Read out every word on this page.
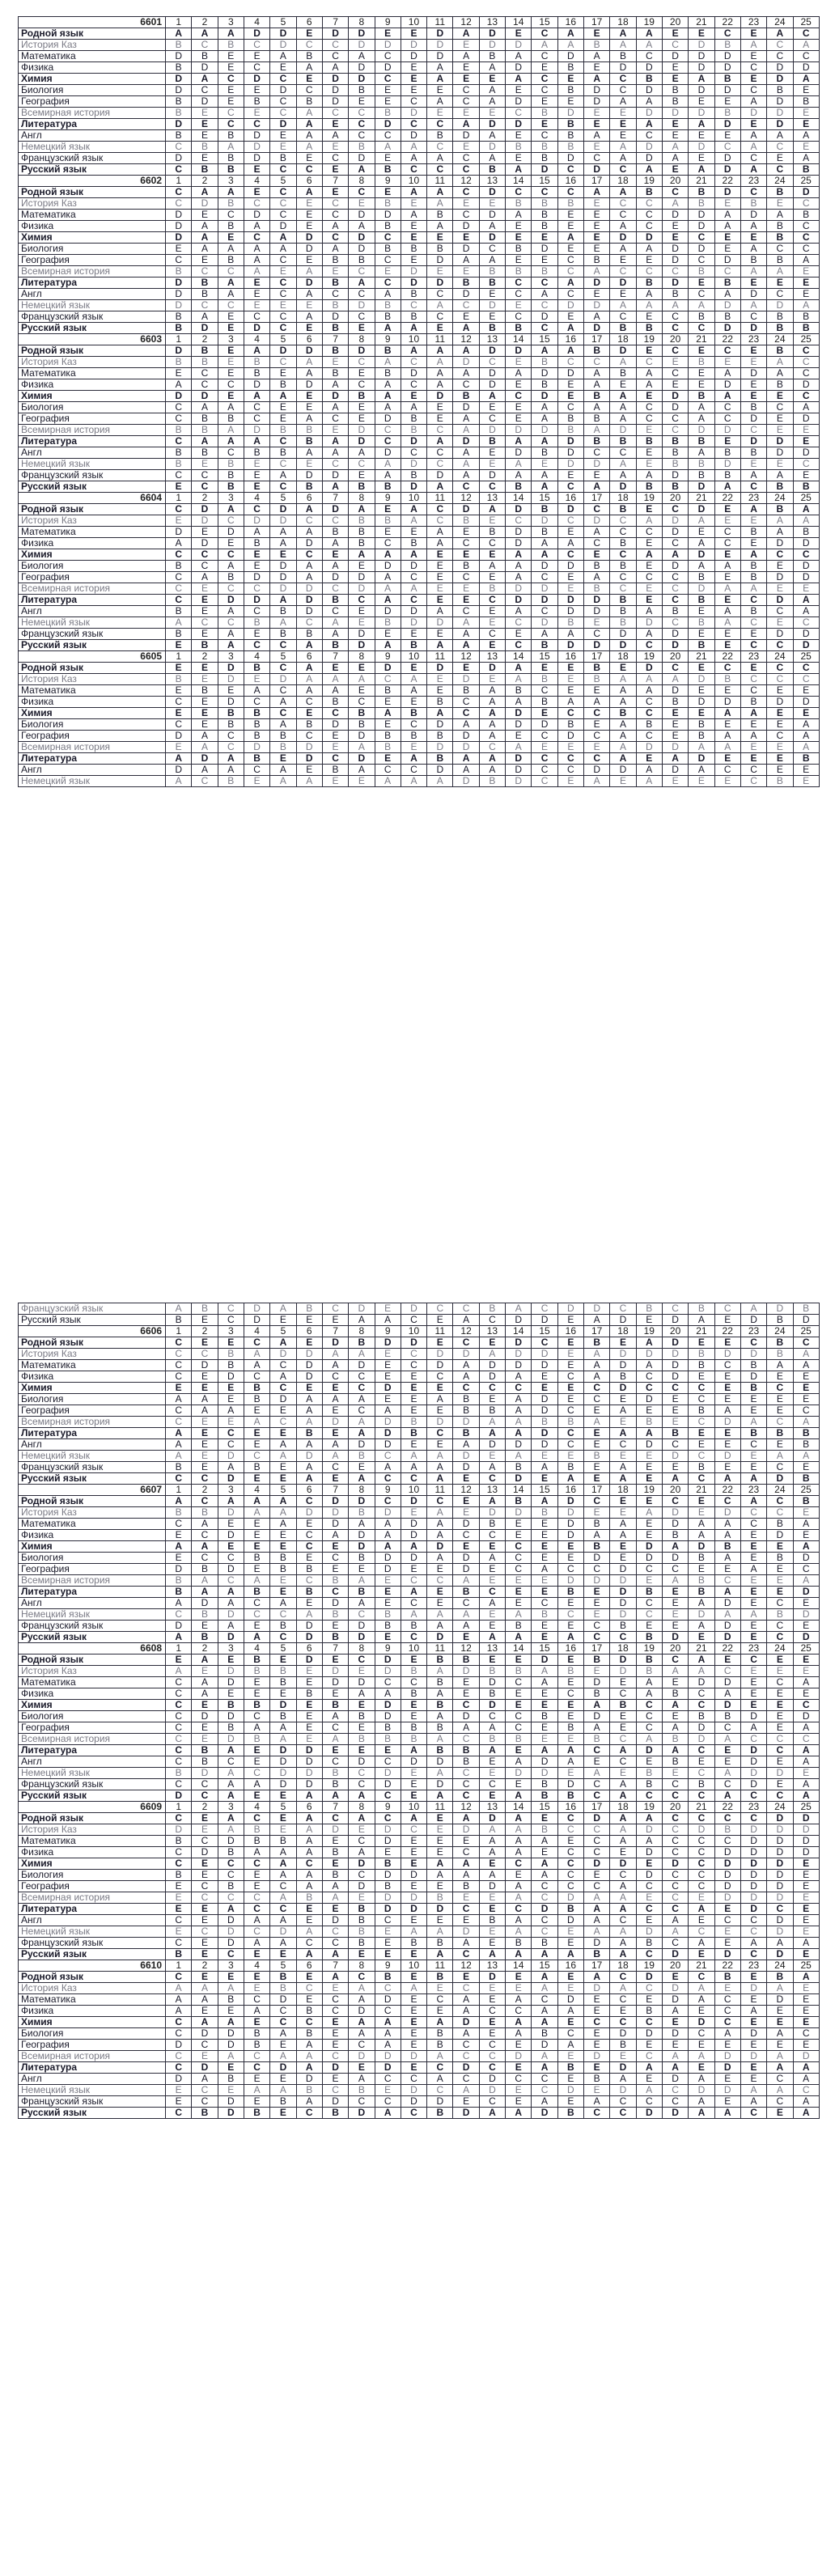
6601	1	2	3	4	5	6	7	8	9	10	11	12	13	14	15	16	17	18	19	20	21	22	23	24	25
Родной язык	A	A	A	D	D	E	D	D	E	E	D	A	D	E	C	A	E	A	A	E	E	C	E	A	C
История Каз	B	C	B	C	D	C	C	D	D	D	D	E	D	D	A	A	B	A	A	C	D	B	A	C	A
Математика	D	B	E	E	A	B	C	A	C	D	D	A	B	A	C	D	A	B	C	D	D	D	E	C	C
Физика	B	D	E	C	E	A	A	D	D	E	A	E	A	D	E	B	E	D	D	E	D	D	C	D	D
Химия	D	A	C	D	C	E	D	D	C	E	A	E	E	A	C	E	A	C	B	E	A	B	E	D	A
Биология	D	C	E	E	D	C	D	B	E	E	E	C	A	E	C	B	D	C	D	B	D	D	C	B	E
География	B	D	E	B	C	B	D	E	E	C	A	C	A	D	E	E	D	A	A	B	E	E	A	D	B
Всемирная история	B	E	C	E	C	A	C	C	B	D	E	E	E	C	B	D	E	E	D	D	D	B	D	D	E
Литература	D	E	C	C	D	A	E	C	D	C	C	A	D	D	E	B	E	E	A	E	A	D	E	D	E
Англ	B	E	B	D	E	A	A	C	C	D	B	D	A	E	C	B	A	E	C	E	E	E	A	A	A
Немецкий язык	C	B	A	D	E	A	E	B	A	A	C	E	D	B	B	B	E	A	D	A	D	C	A	C	E
Французский язык	D	E	B	D	B	E	C	D	E	A	A	C	A	E	B	D	C	A	D	A	E	D	C	E	A
Русский язык	C	B	B	E	C	C	E	A	B	C	C	C	B	A	D	C	D	C	A	E	A	D	A	C	B
6602	1	2	3	4	5	6	7	8	9	10	11	12	13	14	15	16	17	18	19	20	21	22	23	24	25
Родной язык	C	A	A	E	C	A	E	C	E	A	A	C	D	C	C	C	A	A	B	C	B	D	C	B	D
История Каз	C	D	B	C	C	E	C	E	B	E	A	E	E	B	B	B	E	C	C	A	B	E	B	E	C
Математика	D	E	C	D	C	E	C	D	D	A	B	C	D	A	B	E	E	C	C	D	D	A	D	A	B
Физика	D	A	B	A	D	E	A	A	B	E	A	D	A	E	B	E	E	A	C	E	D	A	A	B	C
Химия	D	A	E	C	A	D	C	D	C	E	E	E	D	E	E	A	E	D	D	E	C	E	E	B	C
Биология	E	A	A	A	A	D	A	D	B	B	B	D	C	B	D	E	E	A	A	D	D	E	A	C	C
География	C	E	B	A	C	E	B	B	C	E	D	A	A	E	E	C	B	E	E	D	C	D	B	B	A
Всемирная история	B	C	C	A	E	A	E	C	E	D	E	E	B	B	B	C	A	C	C	C	B	C	A	A	E
Литература	D	B	A	E	C	D	B	A	C	D	D	B	B	C	C	A	D	D	B	D	E	B	E	E	E
Англ	D	B	A	E	C	A	C	C	A	B	C	D	E	C	A	C	E	E	A	B	C	A	D	C	E
Немецкий язык	D	C	C	E	E	E	B	D	B	C	A	C	D	E	C	D	D	A	A	A	A	D	A	D	A
Французский язык	B	A	E	C	C	A	D	C	B	B	C	E	E	C	D	E	A	C	E	C	B	B	C	B	B
Русский язык	B	D	E	D	C	E	B	E	A	A	E	A	B	B	C	A	D	B	B	C	C	D	D	B	B
6603	1	2	3	4	5	6	7	8	9	10	11	12	13	14	15	16	17	18	19	20	21	22	23	24	25
Родной язык	D	B	E	A	D	D	B	D	B	A	A	A	D	D	A	A	B	D	E	C	E	C	E	B	C
История Каз	B	B	E	B	C	A	E	C	A	C	A	D	C	E	B	C	C	A	C	E	B	E	E	A	C
Математика	E	C	E	B	E	A	B	E	B	D	A	A	D	A	D	D	A	B	A	C	E	A	D	A	C
Физика	A	C	C	D	B	D	A	C	A	C	A	C	D	E	B	E	A	E	A	E	E	D	E	B	D
Химия	D	D	E	A	A	E	D	B	A	E	D	B	A	C	D	E	B	A	E	D	B	A	E	E	C
Биология	C	A	A	C	E	E	A	E	A	A	E	D	E	E	A	C	A	A	C	D	A	C	B	C	A
География	C	B	B	C	E	A	C	E	D	B	E	A	C	E	A	B	B	A	C	C	A	C	D	E	D
Всемирная история	B	B	A	D	B	B	E	D	C	B	C	A	D	D	D	B	A	D	E	C	D	D	C	E	E
Литература	C	A	A	A	C	B	A	D	C	D	A	D	B	A	A	D	B	B	B	B	B	E	D	D	E
Англ	B	B	C	B	B	A	A	A	D	C	C	A	E	D	B	D	C	C	E	B	A	B	B	D	D
Немецкий язык	B	E	B	E	C	E	C	C	A	D	C	A	E	A	E	D	D	A	E	B	B	D	E	E	C
Французский язык	C	C	B	E	A	D	D	E	A	B	D	A	D	A	A	E	E	A	A	D	B	B	A	A	E
Русский язык	E	C	B	E	C	B	A	B	B	D	A	C	C	B	A	C	A	D	B	B	D	A	C	B	B
6604	1	2	3	4	5	6	7	8	9	10	11	12	13	14	15	16	17	18	19	20	21	22	23	24	25
Родной язык	C	D	A	C	D	A	D	A	E	A	C	D	A	D	B	D	C	B	E	C	D	E	A	B	A
История Каз	E	D	C	D	D	C	C	B	B	A	C	B	E	C	D	C	D	C	A	D	A	E	E	A	A
Математика	D	E	D	A	A	A	B	B	E	E	A	E	B	D	B	E	A	C	C	D	E	C	B	A	B
Физика	A	D	E	B	A	D	A	B	C	B	A	C	C	D	A	A	C	B	E	C	A	C	E	D	D
Химия	C	C	C	E	E	C	E	A	A	A	E	E	E	A	A	C	E	C	A	A	D	E	A	C	C
Биология	B	C	A	E	D	A	A	E	D	D	E	B	A	A	D	D	B	B	E	D	A	A	B	E	D
География	C	A	B	D	D	A	D	D	A	C	E	C	E	A	C	E	A	C	C	C	B	E	B	D	D
Всемирная история	C	E	C	C	D	D	C	D	A	A	E	E	B	D	D	E	B	C	E	C	D	A	A	E	E
Литература	C	E	D	D	A	D	B	C	A	C	E	E	C	D	D	D	D	B	E	C	B	E	C	D	A
Англ	B	E	A	C	B	D	C	E	D	D	A	C	E	A	C	D	D	B	A	B	E	A	B	C	A
Немецкий язык	A	C	C	B	A	C	A	E	B	D	D	A	E	C	D	B	E	B	D	C	B	A	C	E	C
Французский язык	B	E	A	E	B	B	A	D	E	E	E	A	C	E	A	A	C	D	A	D	E	E	E	D	D
Русский язык	E	B	A	C	C	A	B	D	A	B	A	A	E	C	B	D	D	D	C	D	B	E	C	C	D
6605	1	2	3	4	5	6	7	8	9	10	11	12	13	14	15	16	17	18	19	20	21	22	23	24	25
Родной язык	E	E	D	B	C	A	E	E	D	E	D	E	D	A	E	E	B	E	D	C	E	C	E	C	C
История Каз	B	E	D	E	D	A	A	A	C	A	E	D	E	A	B	E	B	A	A	A	D	B	C	C	C
Математика	E	B	E	A	C	A	A	E	B	A	E	B	A	B	C	E	E	A	A	D	E	E	C	E	E
Физика	C	E	D	C	A	C	B	C	E	E	B	C	A	A	B	A	A	A	C	B	D	D	B	D	D
Химия	E	E	B	B	C	E	C	B	A	B	A	C	A	D	E	C	C	B	C	E	E	A	A	E	E
Биология	C	E	B	B	A	B	D	B	E	C	D	A	A	D	D	B	E	A	B	E	B	E	E	E	A
География	D	A	C	B	B	C	E	D	B	B	B	D	A	E	C	D	C	A	C	E	B	A	A	C	A
Всемирная история	E	A	C	D	B	D	E	A	B	E	D	D	C	A	E	E	E	A	D	D	A	A	E	E	A
Литература	A	D	A	B	E	D	C	D	E	A	B	A	A	D	C	C	C	A	E	A	D	E	E	E	B
Англ	D	A	A	C	A	E	B	A	C	C	D	A	A	D	C	C	D	D	A	D	A	C	C	E	E
Немецкий язык	A	C	B	E	A	A	E	E	A	A	A	D	B	D	C	E	A	E	A	E	E	E	C	B	E
Французский язык	A	B	C	D	A	B	C	D	E	D	C	C	B	A	C	D	D	C	B	C	B	C	A	D	B
Русский язык	B	E	C	D	E	E	E	A	A	C	E	A	C	D	D	E	A	D	E	D	A	E	D	B	D
6606	1	2	3	4	5	6	7	8	9	10	11	12	13	14	15	16	17	18	19	20	21	22	23	24	25
Родной язык	C	E	E	C	A	E	D	B	D	D	E	C	E	D	C	E	B	E	A	D	E	E	C	B	C
История Каз	C	C	B	A	D	D	A	A	E	C	D	D	A	D	D	E	A	D	D	D	B	D	D	B	A
Математика	C	D	B	A	C	D	A	D	E	C	D	A	D	D	D	E	A	D	A	D	B	C	B	A	A
Физика	C	E	D	C	A	D	C	C	E	E	C	A	D	A	E	C	A	B	C	D	E	E	D	E	E
Химия	E	E	E	B	C	E	E	C	D	E	E	C	C	C	E	E	C	D	C	C	C	E	B	C	E
Биология	A	A	E	B	D	A	A	A	E	E	A	B	E	A	D	E	C	E	D	E	C	E	E	E	E
География	C	A	A	E	E	A	E	C	A	E	E	B	B	A	D	C	E	A	E	E	B	A	E	E	C
Всемирная история	C	E	E	A	C	A	D	A	D	B	D	D	A	A	B	B	A	E	B	E	C	D	A	C	A
Литература	A	E	C	E	E	B	E	A	D	B	C	B	A	A	D	C	E	A	A	B	E	E	B	B	B
Англ	A	E	C	E	A	A	A	D	D	E	E	A	D	D	D	C	E	C	D	C	E	E	C	E	B
Немецкий язык	A	E	D	C	A	D	A	B	C	A	A	D	E	A	E	E	B	E	E	D	C	D	E	A	A
Французский язык	B	E	A	B	E	A	C	E	A	A	A	D	A	B	A	B	E	A	E	E	B	E	E	C	E
Русский язык	C	C	D	E	E	A	E	A	C	C	A	E	C	D	E	A	E	A	E	A	C	A	A	D	B
6607	1	2	3	4	5	6	7	8	9	10	11	12	13	14	15	16	17	18	19	20	21	22	23	24	25
Родной язык	A	C	A	A	A	C	D	D	C	D	C	E	A	B	A	D	C	E	E	C	E	C	A	C	B
История Каз	B	B	D	A	A	D	D	B	D	E	A	E	D	D	B	D	E	E	A	D	E	D	C	C	E
Математика	C	A	E	E	A	E	D	A	A	D	A	D	B	E	E	D	B	A	E	D	A	A	C	B	A
Физика	E	C	D	E	E	C	A	D	A	D	A	C	C	E	E	D	A	A	E	B	A	A	E	D	E
Химия	A	A	E	E	E	C	E	D	A	A	D	E	E	C	E	E	B	E	D	A	D	B	E	E	A
Биология	E	C	C	B	B	E	C	B	D	D	A	D	A	C	E	E	D	E	D	D	B	A	E	B	D
География	D	B	D	E	B	B	E	E	D	E	E	D	E	C	A	C	C	D	C	C	E	E	A	E	C
Всемирная история	B	A	C	A	E	C	B	A	E	C	C	A	E	E	E	D	D	D	E	A	B	C	E	E	A
Литература	B	A	A	B	E	B	C	B	E	A	E	B	C	E	E	B	E	D	B	E	B	A	E	E	D
Англ	A	D	A	C	A	E	D	A	E	C	E	C	A	E	C	E	E	D	C	E	A	D	E	C	E
Немецкий язык	C	B	D	C	C	A	B	C	B	A	A	A	E	A	B	C	E	D	C	E	D	A	A	B	D
Французский язык	D	E	A	E	B	D	E	D	B	B	A	A	E	B	E	E	C	B	E	E	A	D	E	C	E
Русский язык	A	B	D	A	C	D	B	D	E	C	D	E	A	A	E	A	C	C	B	D	E	D	E	C	D
6608	1	2	3	4	5	6	7	8	9	10	11	12	13	14	15	16	17	18	19	20	21	22	23	24	25
Родной язык	E	A	E	B	E	D	E	C	D	E	B	B	E	E	D	E	B	D	B	C	A	E	C	E	E
История Каз	A	E	D	B	B	E	D	E	D	B	A	D	B	B	A	B	E	D	B	A	A	C	E	E	E
Математика	C	A	D	E	B	E	D	D	C	C	B	E	D	C	A	E	D	E	A	E	D	D	E	C	A
Физика	C	A	E	E	E	B	E	A	A	B	A	E	B	E	E	C	B	C	A	B	C	A	E	E	E
Химия	C	E	B	B	D	E	B	E	D	E	B	C	D	E	E	E	A	B	C	A	C	D	E	E	C
Биология	C	D	D	C	B	E	A	B	D	E	A	D	C	C	B	E	D	E	C	E	B	B	D	E	D
География	C	E	B	A	A	E	C	E	B	B	B	A	A	C	E	B	A	E	C	A	D	C	A	E	A
Всемирная история	C	E	D	B	A	E	A	B	B	B	A	C	B	B	E	E	B	C	A	B	D	A	C	C	C
Литература	C	B	A	E	D	D	E	E	E	A	B	B	A	E	A	A	C	A	D	A	C	E	D	C	A
Англ	C	B	C	E	D	D	C	D	C	D	D	B	E	A	D	A	E	C	E	B	E	E	D	E	A
Немецкий язык	B	D	A	C	D	D	B	C	D	E	A	C	E	D	D	E	A	E	B	E	C	A	D	D	E
Французский язык	C	C	A	A	D	D	B	C	D	E	D	C	C	E	B	D	C	A	B	C	B	C	D	E	A
Русский язык	D	C	A	E	E	A	A	A	C	E	A	C	E	A	B	B	C	A	C	C	C	A	C	C	A
6609	1	2	3	4	5	6	7	8	9	10	11	12	13	14	15	16	17	18	19	20	21	22	23	24	25
Родной язык	C	E	A	C	E	A	C	A	C	A	E	A	D	A	E	C	D	A	A	C	C	C	C	D	D
История Каз	D	E	A	B	E	A	D	E	D	C	E	D	A	A	B	C	C	A	D	C	D	B	D	D	D
Математика	B	C	D	B	B	A	E	C	D	E	E	E	A	A	A	E	C	A	A	C	C	C	D	D	D
Физика	C	D	B	A	A	A	B	A	E	E	E	C	A	A	E	C	C	E	D	C	C	D	D	D	D
Химия	C	E	C	C	A	C	E	D	B	E	A	A	E	C	A	C	D	D	E	D	C	D	D	D	E
Биология	B	E	C	E	A	A	B	C	D	D	A	A	A	E	A	C	E	C	D	C	C	D	D	D	E
География	E	C	B	E	C	A	A	D	B	E	E	B	D	A	C	C	C	A	C	C	C	D	D	D	E
Всемирная история	E	C	C	C	A	B	A	E	D	D	B	E	E	A	C	D	A	A	E	C	E	D	D	D	E
Литература	E	E	A	C	C	E	E	B	D	D	D	C	E	C	D	B	A	A	C	C	A	E	D	C	E
Англ	C	E	D	A	A	E	D	B	C	E	E	E	B	A	C	D	A	C	E	A	E	C	C	D	E
Немецкий язык	E	C	D	C	D	A	C	B	E	A	A	D	E	A	C	E	A	A	D	A	C	E	C	D	E
Французский язык	C	E	D	A	A	C	C	B	E	B	B	A	E	B	B	E	D	A	B	C	A	E	A	A	A
Русский язык	B	E	C	E	E	A	A	E	E	E	A	C	A	A	A	A	B	A	C	D	E	D	C	D	E
6610	1	2	3	4	5	6	7	8	9	10	11	12	13	14	15	16	17	18	19	20	21	22	23	24	25
Родной язык	C	E	E	E	B	E	A	C	B	E	B	E	D	E	A	E	A	C	D	E	C	B	E	B	A
История Каз	A	A	A	E	B	C	E	A	C	A	E	C	E	E	A	E	D	A	C	D	A	E	D	A	E
Математика	A	A	B	C	D	E	C	A	D	E	C	A	E	A	C	D	E	C	E	D	A	C	E	D	E
Физика	A	E	E	A	C	B	C	D	C	E	E	A	C	C	A	A	E	E	B	A	E	C	A	E	E
Химия	C	A	A	E	C	C	E	A	A	E	A	D	E	A	A	E	C	C	C	E	D	C	E	E	E
Биология	C	D	D	B	A	B	E	A	A	E	B	A	E	A	B	C	E	D	D	D	C	A	D	A	C
География	D	C	D	B	E	A	E	C	A	E	B	C	C	E	D	A	E	B	E	E	E	E	E	E	E
Всемирная история	C	E	A	C	A	A	C	D	D	D	A	C	C	D	A	E	D	E	C	A	A	D	D	A	D
Литература	C	D	E	C	D	A	D	E	D	E	C	D	C	E	A	B	E	D	A	A	E	D	E	A	A
Англ	D	A	B	E	E	D	E	A	C	C	A	C	D	C	C	E	B	A	E	D	A	E	E	C	A
Немецкий язык	E	C	E	A	A	B	C	B	E	D	C	A	D	E	C	D	E	D	A	C	D	D	A	A	C
Французский язык	E	C	D	E	B	A	D	C	C	D	D	E	C	E	A	E	A	C	C	C	A	E	A	C	A
Русский язык	C	B	D	B	E	C	B	D	A	C	B	D	A	A	D	B	C	C	D	D	A	A	C	E	A
